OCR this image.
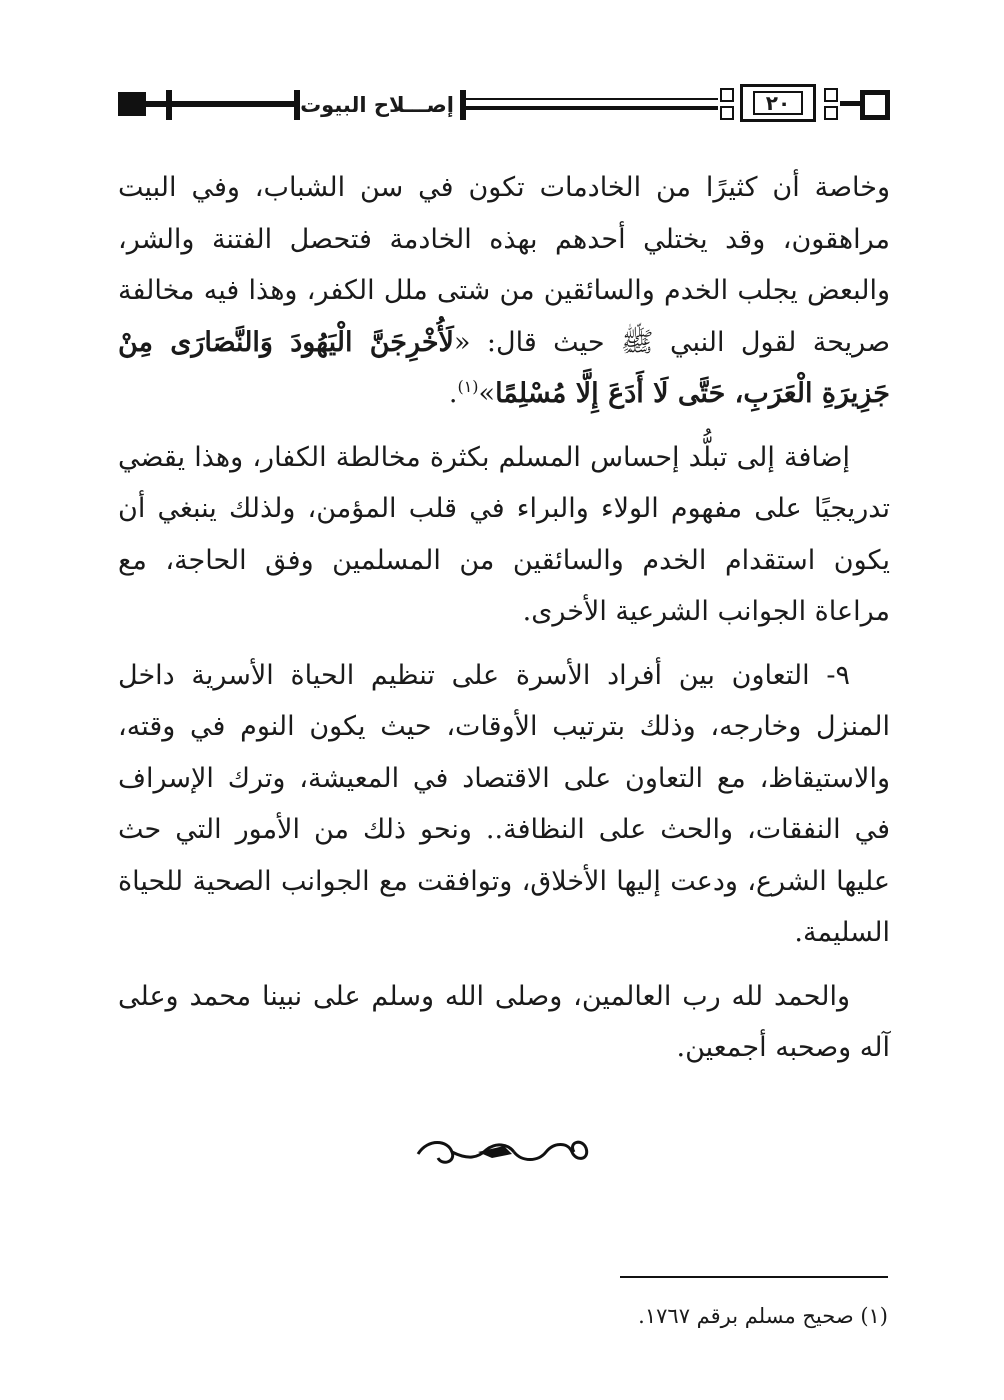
إصـــلاح البيوت	٢٠

وخاصة أن كثيرًا من الخادمات تكون في سن الشباب، وفي البيت مراهقون، وقد يختلي أحدهم بهذه الخادمة فتحصل الفتنة والشر، والبعض يجلب الخدم والسائقين من شتى ملل الكفر، وهذا فيه مخالفة صريحة لقول النبي ﷺ حيث قال: «لَأُخْرِجَنَّ الْيَهُودَ وَالنَّصَارَى مِنْ جَزِيرَةِ الْعَرَبِ، حَتَّى لَا أَدَعَ إِلَّا مُسْلِمًا»$^{(١)}$.

إضافة إلى تبلُّد إحساس المسلم بكثرة مخالطة الكفار، وهذا يقضي تدريجيًا على مفهوم الولاء والبراء في قلب المؤمن، ولذلك ينبغي أن يكون استقدام الخدم والسائقين من المسلمين وفق الحاجة، مع مراعاة الجوانب الشرعية الأخرى.

٩- التعاون بين أفراد الأسرة على تنظيم الحياة الأسرية داخل المنزل وخارجه، وذلك بترتيب الأوقات، حيث يكون النوم في وقته، والاستيقاظ، مع التعاون على الاقتصاد في المعيشة، وترك الإسراف في النفقات، والحث على النظافة.. ونحو ذلك من الأمور التي حث عليها الشرع، ودعت إليها الأخلاق، وتوافقت مع الجوانب الصحية للحياة السليمة.

والحمد لله رب العالمين، وصلى الله وسلم على نبينا محمد وعلى آله وصحبه أجمعين.

(١) صحيح مسلم برقم ١٧٦٧.
